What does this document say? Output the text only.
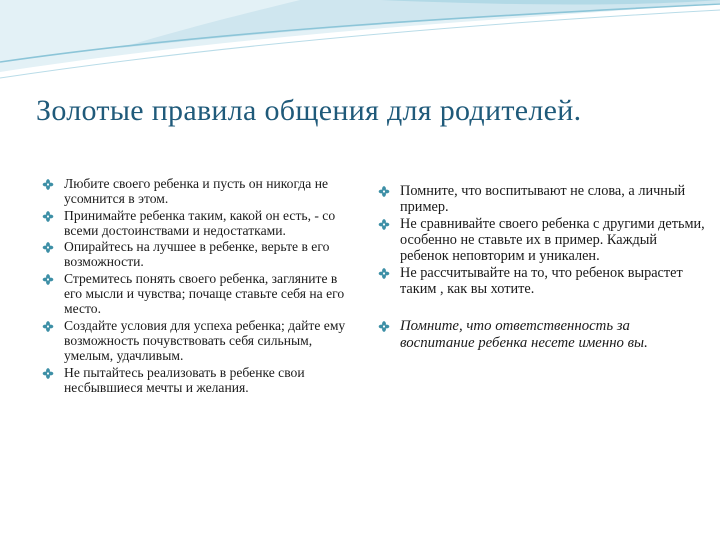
Золотые правила общения для родителей.
Любите своего ребенка и пусть он никогда не усомнится в этом.
Принимайте ребенка таким, какой он есть, - со всеми достоинствами и недостатками.
Опирайтесь на лучшее в ребенке, верьте в его возможности.
Стремитесь понять своего ребенка, загляните в его мысли и чувства; почаще ставьте себя на его место.
Создайте условия для успеха ребенка; дайте ему возможность почувствовать себя сильным, умелым, удачливым.
Не пытайтесь реализовать в ребенке свои несбывшиеся мечты и желания.
Помните, что воспитывают не слова, а личный пример.
Не сравнивайте своего ребенка с другими детьми, особенно не ставьте их в пример. Каждый ребенок неповторим и уникален.
Не рассчитывайте на то, что ребенок вырастет таким , как вы хотите.
Помните, что ответственность за воспитание ребенка несете именно вы.
